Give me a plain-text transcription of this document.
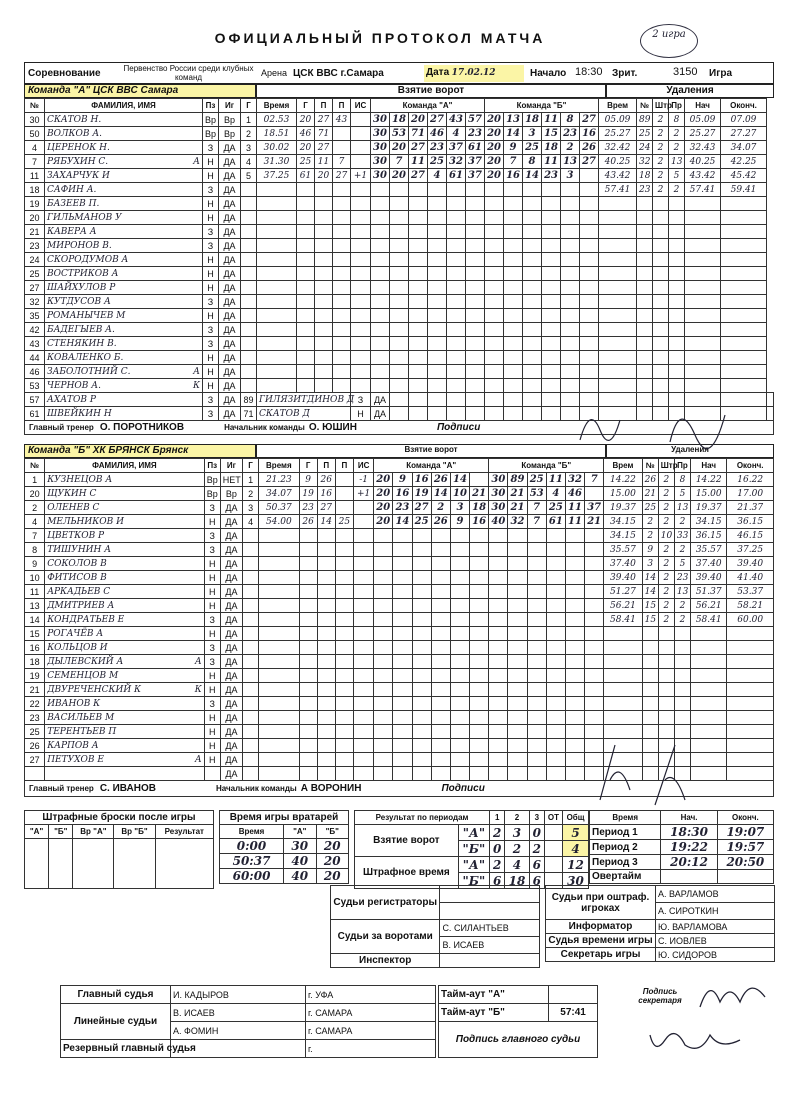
ОФИЦИАЛЬНЫЙ ПРОТОКОЛ МАТЧА	2 игра
Соревнование	Первенство России среди клубных команд	Арена ЦСК ВВС г.Самара	Дата 17.02.12	Начало 18:30 Зрит.	3150 Игра
Команда "А" ЦСК ВВС Самара	Взятие ворот	Удаления
№	ФАМИЛИЯ, ИМЯ	Пз	Иг	Г	Время	Г	П	П	ИС	Команда "А"						Команда "Б"						Врем	№	Штр	Пр	Нач	Оконч.	
30	СКАТОВ Н.	Вр	Вр	1	02.53	20	27	43		30	18	20	27	43	57	20	13	18	11	8	27	05.09	89	2	8	05.09	07.09	
50	ВОЛКОВ А.	Вр	Вр	2	18.51	46	71			30	53	71	46	4	23	20	14	3	15	23	16	25.27	25	2	2	25.27	27.27	
4	ЦЕРЕНОК Н.	З	ДА	3	30.02	20	27			30	20	27	23	37	61	20	9	25	18	2	26	32.42	24	2	2	32.43	34.07	
7	РЯБУХИН С. А	Н	ДА	4	31.30	25	11	7		30	7	11	25	32	37	20	7	8	11	13	27	40.25	32	2	13	40.25	42.25	
11	ЗАХАРЧУК И	Н	ДА	5	37.25	61	20	27	+1	30	20	27	4	61	37	20	16	14	23	3		43.42	18	2	5	43.42	45.42	
18	САФИН А.	З	ДА																			57.41	23	2	2	57.41	59.41	
19	БАЗЕЕВ П.	Н	ДА																									
20	ГИЛЬМАНОВ У	Н	ДА																									
21	КАВЕРА А	З	ДА																									
23	МИРОНОВ В.	З	ДА																									
24	СКОРОДУМОВ А	Н	ДА																									
25	ВОСТРИКОВ А	Н	ДА																									
27	ШАЙХУЛОВ Р	Н	ДА																									
32	КУТДУСОВ А	З	ДА																									
35	РОМАНЫЧЕВ М	Н	ДА																									
42	БАДЕГЫЕВ А.	З	ДА																									
43	СТЕНЯКИН В.	З	ДА																									
44	КОВАЛЕНКО Б.	Н	ДА																									
46	ЗАБОЛОТНИЙ С. А	Н	ДА																									
53	ЧЕРНОВ А. К	Н	ДА																									
57	АХАТОВ Р	З	ДА	89	ГИЛЯЗИТДИНОВ Д				З	ДА																		
61	ШВЕЙКИН Н	З	ДА	71	СКАТОВ Д				Н	ДА																		
Главный тренер О. ПОРОТНИКОВ	Начальник команды О. ЮШИН	Подписи
Команда "Б" ХК БРЯНСК Брянск	Взятие ворот	Удаления
№	ФАМИЛИЯ, ИМЯ	Пз	Иг	Г	Время	Г	П	П	ИС	Команда "А"						Команда "Б"						Врем	№	Штр	Пр	Нач	Оконч.
1	КУЗНЕЦОВ А	Вр	НЕТ	1	21.23	9	26		-1	20	9	16	26	14		30	89	25	11	32	7	14.22	26	2	8	14.22	16.22
20	ЩУКИН С	Вр	Вр	2	34.07	19	16		+1	20	16	19	14	10	21	30	21	53	4	46		15.00	21	2	5	15.00	17.00
2	ОЛЕНЕВ С	З	ДА	3	50.37	23	27			20	23	27	2	3	18	30	21	7	25	11	37	19.37	25	2	13	19.37	21.37
4	МЕЛЬНИКОВ И	Н	ДА	4	54.00	26	14	25		20	14	25	26	9	16	40	32	7	61	11	21	34.15	2	2	2	34.15	36.15
7	ЦВЕТКОВ Р	З	ДА																			34.15	2	10	33	36.15	46.15
8	ТИШУНИН А	З	ДА																			35.57	9	2	2	35.57	37.25
9	СОКОЛОВ В	Н	ДА																			37.40	3	2	5	37.40	39.40
10	ФИТИСОВ В	Н	ДА																			39.40	14	2	23	39.40	41.40
11	АРКАДЬЕВ С	Н	ДА																			51.27	14	2	13	51.37	53.37
13	ДМИТРИЕВ А	Н	ДА																			56.21	15	2	2	56.21	58.21
14	КОНДРАТЬЕВ Е	З	ДА																			58.41	15	2	2	58.41	60.00
15	РОГАЧЁВ А	Н	ДА																								
16	КОЛЬЦОВ И	З	ДА																								
18	ДЫЛЕВСКИЙ А А	З	ДА																								
19	СЕМЕНЦОВ М	Н	ДА																								
21	ДВУРЕЧЕНСКИЙ К К	Н	ДА																								
22	ИВАНОВ К	З	ДА																								
23	ВАСИЛЬЕВ М	Н	ДА																								
25	ТЕРЕНТЬЕВ П	Н	ДА																								
26	КАРПОВ А	Н	ДА																								
27	ПЕТУХОВ Е А	Н	ДА																								
			ДА																								
Главный тренер С. ИВАНОВ	Начальник команды А ВОРОНИН	Подписи
Штрафные броски после игры				
"А"	"Б"	Вр "А"	Вр "Б"	Результат

Время игры вратарей		
Время	"А"	"Б"
0:00	30	20
50:37	40	20
60:00	40	20
Результат по периодам		1	2	3	ОТ	Общ
Взятие ворот	"А"	2	3	0		5
	"Б"	0	2	2		4
Штрафное время	"А"	2	4	6		12
	"Б"	6	18	6		30
Время	Нач.	Оконч.
Период 1	18:30	19:07
Период 2	19:22	19:57
Период 3	20:12	20:50
Овертайм		
Судьи регистраторы	

Судьи за воротами	С. СИЛАНТЬЕВ
	В. ИСАЕВ
Инспектор	
Судьи при оштраф. игроках	А. ВАРЛАМОВ
	А. СИРОТКИН
Информатор	Ю. ВАРЛАМОВА
Судья времени игры	С. ИОВЛЕВ
Секретарь игры	Ю. СИДОРОВ
Главный судья	И. КАДЫРОВ	г. УФА
Линейные судьи	В. ИСАЕВ	г. САМАРА
	А. ФОМИН	г. САМАРА
Резервный главный судья		г.
Тайм-аут "А"	
Тайм-аут "Б"	57:41
Подпись главного судьи	
Подпись секретаря
